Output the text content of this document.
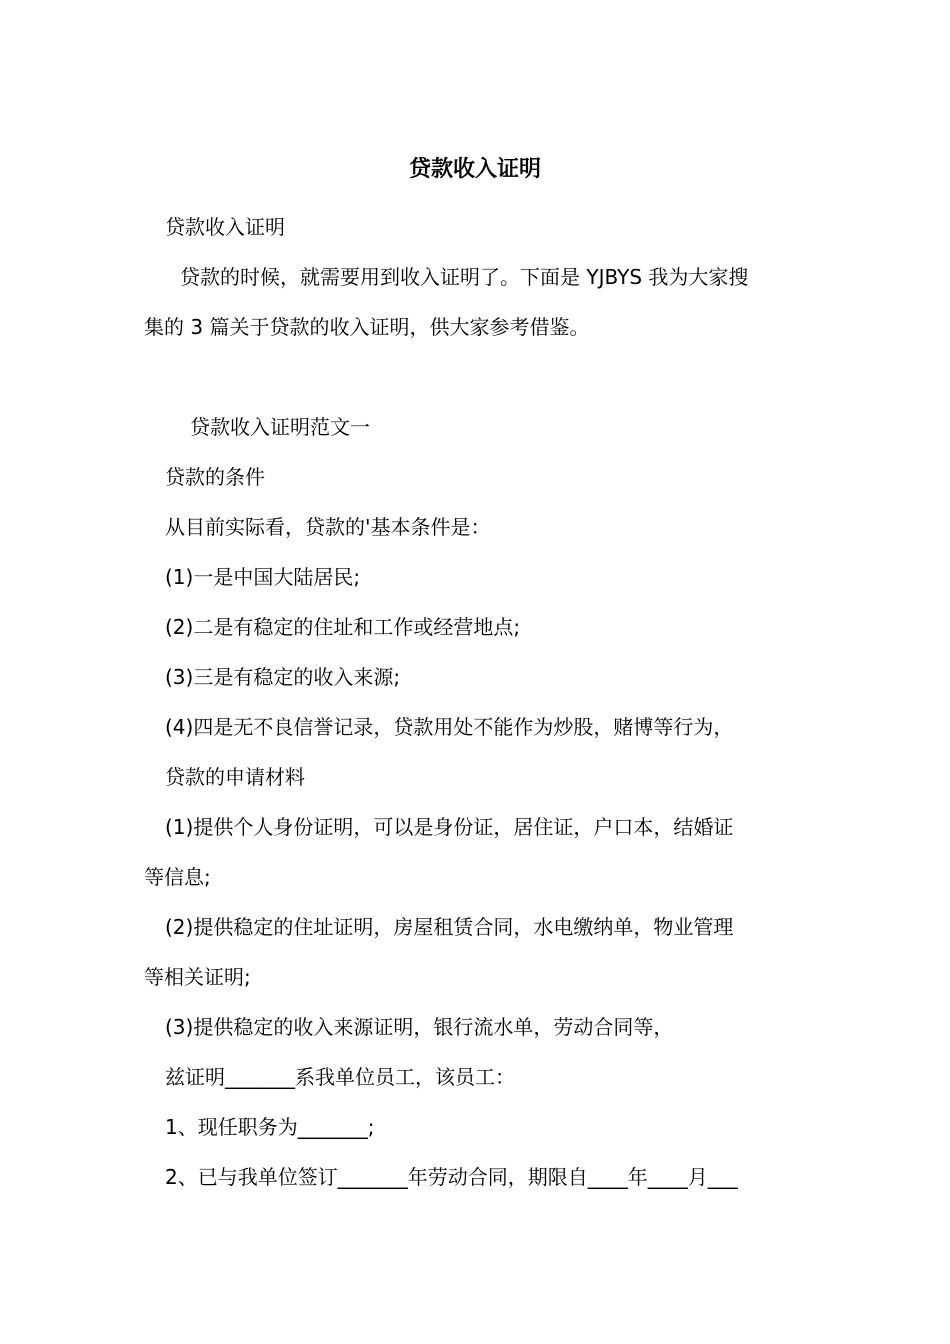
贷款收入证明

贷款收入证明

贷款的时候，就需要用到收入证明了。下面是 YJBYS 我为大家搜

集的 3 篇关于贷款的收入证明，供大家参考借鉴。

贷款收入证明范文一

贷款的条件

从目前实际看，贷款的'基本条件是：

(1)一是中国大陆居民;

(2)二是有稳定的住址和工作或经营地点;

(3)三是有稳定的收入来源;

(4)四是无不良信誉记录，贷款用处不能作为炒股，赌博等行为，

贷款的申请材料

(1)提供个人身份证明，可以是身份证，居住证，户口本，结婚证

等信息;

(2)提供稳定的住址证明，房屋租赁合同，水电缴纳单，物业管理

等相关证明;

(3)提供稳定的收入来源证明，银行流水单，劳动合同等，

兹证明_______系我单位员工，该员工：

1、现任职务为_______;

2、已与我单位签订_______年劳动合同，期限自____年____月___
